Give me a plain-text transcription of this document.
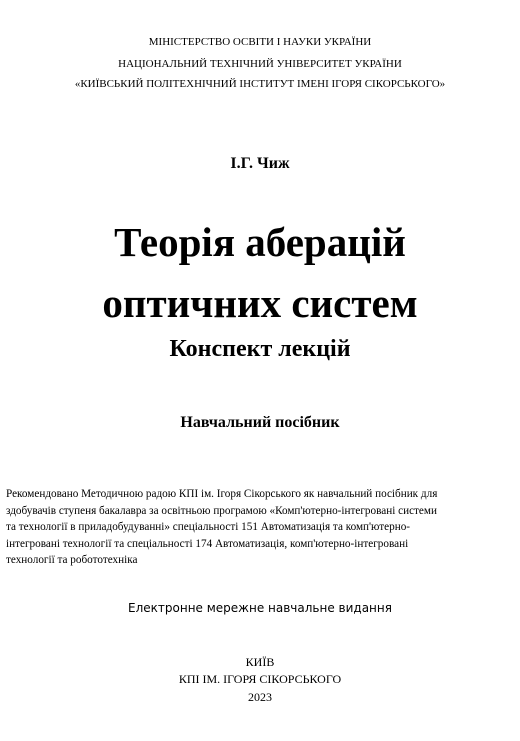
МІНІСТЕРСТВО ОСВІТИ І НАУКИ УКРАЇНИ
НАЦІОНАЛЬНИЙ ТЕХНІЧНИЙ УНІВЕРСИТЕТ УКРАЇНИ
«КИЇВСЬКИЙ ПОЛІТЕХНІЧНИЙ ІНСТИТУТ ІМЕНІ ІГОРЯ СІКОРСЬКОГО»
І.Г. Чиж
Теорія аберацій
оптичних систем
Конспект лекцій
Навчальний посібник
Рекомендовано Методичною радою КПІ ім. Ігоря Сікорського як навчальний посібник для
здобувачів ступеня бакалавра за освітньою програмою «Комп'ютерно-інтегровані системи
та технології в приладобудуванні» спеціальності 151 Автоматизація та комп'ютерно-
інтегровані технології та спеціальності 174 Автоматизація, комп'ютерно-інтегровані
технології та робототехніка
Електронне мережне навчальне видання
КИЇВ
КПІ ІМ. ІГОРЯ СІКОРСЬКОГО
2023
